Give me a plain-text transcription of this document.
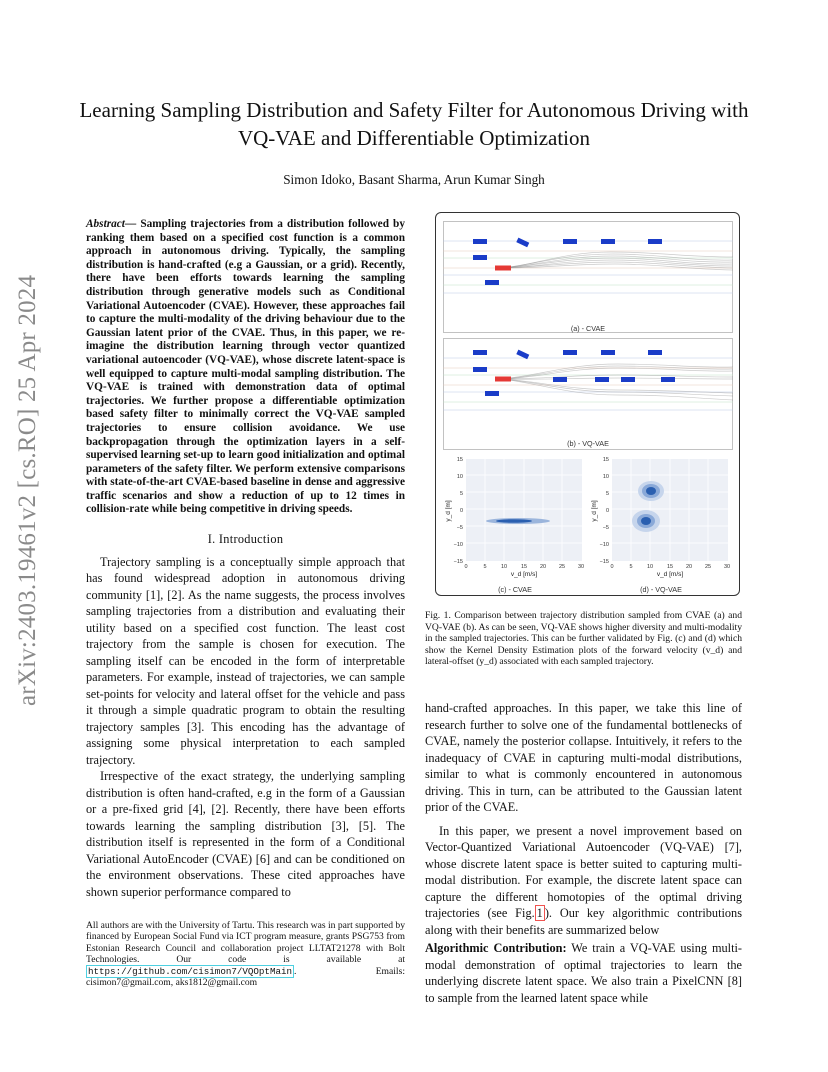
arXiv:2403.19461v2 [cs.RO] 25 Apr 2024
Learning Sampling Distribution and Safety Filter for Autonomous Driving with VQ-VAE and Differentiable Optimization

Simon Idoko, Basant Sharma, Arun Kumar Singh

Abstract— Sampling trajectories from a distribution followed by ranking them based on a specified cost function is a common approach in autonomous driving. Typically, the sampling distribution is hand-crafted (e.g a Gaussian, or a grid). Recently, there have been efforts towards learning the sampling distribution through generative models such as Conditional Variational Autoencoder (CVAE). However, these approaches fail to capture the multi-modality of the driving behaviour due to the Gaussian latent prior of the CVAE. Thus, in this paper, we re-imagine the distribution learning through vector quantized variational autoencoder (VQ-VAE), whose discrete latent-space is well equipped to capture multi-modal sampling distribution. The VQ-VAE is trained with demonstration data of optimal trajectories. We further propose a differentiable optimization based safety filter to minimally correct the VQ-VAE sampled trajectories to ensure collision avoidance. We use backpropagation through the optimization layers in a self-supervised learning set-up to learn good initialization and optimal parameters of the safety filter. We perform extensive comparisons with state-of-the-art CVAE-based baseline in dense and aggressive traffic scenarios and show a reduction of up to 12 times in collision-rate while being competitive in driving speeds.

I. Introduction

Trajectory sampling is a conceptually simple approach that has found widespread adoption in autonomous driving community [1], [2]. As the name suggests, the process involves sampling trajectories from a distribution and evaluating their utility based on a specified cost function. The least cost trajectory from the sample is chosen for execution. The sampling itself can be encoded in the form of interpretable parameters. For example, instead of trajectories, we can sample set-points for velocity and lateral offset for the vehicle and pass it through a simple quadratic program to obtain the resulting trajectory samples [3]. This encoding has the advantage of assigning some physical interpretation to each sampled trajectory.

Irrespective of the exact strategy, the underlying sampling distribution is often hand-crafted, e.g in the form of a Gaussian or a pre-fixed grid [4], [2]. Recently, there have been efforts towards learning the sampling distribution [3], [5]. The distribution itself is represented in the form of a Conditional Variational AutoEncoder (CVAE) [6] and can be conditioned on the environment observations. These cited approaches have shown superior performance compared to

All authors are with the University of Tartu. This research was in part supported by financed by European Social Fund via ICT program measure, grants PSG753 from Estonian Research Council and collaboration project LLTAT21278 with Bolt Technologies. Our code is available at https://github.com/cisimon7/VQOptMain . Emails: cisimon7@gmail.com, aks1812@gmail.com

(a) - CVAE
(b) - VQ-VAE
15
10
5
0
−5
−10
−15
0	5	10	15 20 25 30
v_d [m/s]
y_d [m]
(c) - CVAE
15
10
5
0
−5
−10
−15
0	5	10	15 20 25 30
v_d [m/s]
y_d [m]
(d) - VQ-VAE

Fig. 1. Comparison between trajectory distribution sampled from CVAE (a) and VQ-VAE (b). As can be seen, VQ-VAE shows higher diversity and multi-modality in the sampled trajectories. This can be further validated by Fig. (c) and (d) which show the Kernel Density Estimation plots of the forward velocity (v_d) and lateral-offset (y_d) associated with each sampled trajectory.

hand-crafted approaches. In this paper, we take this line of research further to solve one of the fundamental bottlenecks of CVAE, namely the posterior collapse. Intuitively, it refers to the inadequacy of CVAE in capturing multi-modal distributions, similar to what is commonly encountered in autonomous driving. This in turn, can be attributed to the Gaussian latent prior of the CVAE.

In this paper, we present a novel improvement based on Vector-Quantized Variational Autoencoder (VQ-VAE) [7], whose discrete latent space is better suited to capturing multi-modal distribution. For example, the discrete latent space can capture the different homotopies of the optimal driving trajectories (see Fig. 1 ). Our key algorithmic contributions along with their benefits are summarized below

Algorithmic Contribution: We train a VQ-VAE using multi-modal demonstration of optimal trajectories to learn the underlying discrete latent space. We also train a PixelCNN [8] to sample from the learned latent space while
